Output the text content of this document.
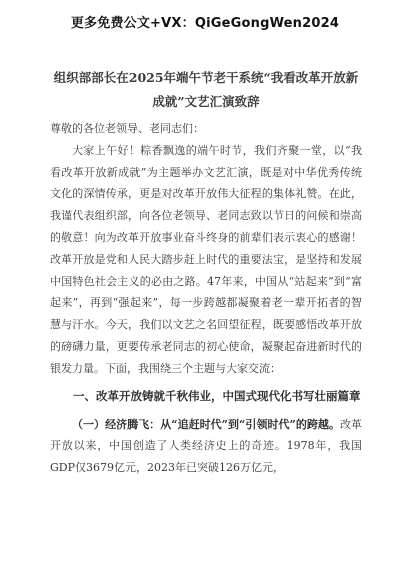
更多免费公文+VX：QiGeGongWen2024
组织部部长在2025年端午节老干系统“我看改革开放新成就”文艺汇演致辞

尊敬的各位老领导、老同志们：

大家上午好！粽香飘逸的端午时节，我们齐聚一堂，以“我看改革开放新成就”为主题举办文艺汇演，既是对中华优秀传统文化的深情传承，更是对改革开放伟大征程的集体礼赞。在此，我谨代表组织部，向各位老领导、老同志致以节日的问候和崇高的敬意！向为改革开放事业奋斗终身的前辈们表示衷心的感谢！改革开放是党和人民大踏步赶上时代的重要法宝，是坚持和发展中国特色社会主义的必由之路。47年来，中国从“站起来”到“富起来”，再到“强起来”，每一步跨越都凝聚着老一辈开拓者的智慧与汗水。今天，我们以文艺之名回望征程，既要感悟改革开放的磅礴力量，更要传承老同志的初心使命，凝聚起奋进新时代的银发力量。下面，我围绕三个主题与大家交流：

一、改革开放铸就千秋伟业，中国式现代化书写壮丽篇章

（一）经济腾飞：从“追赶时代”到“引领时代”的跨越。改革开放以来，中国创造了人类经济史上的奇迹。1978年，我国GDP仅3679亿元，2023年已突破126万亿元，
